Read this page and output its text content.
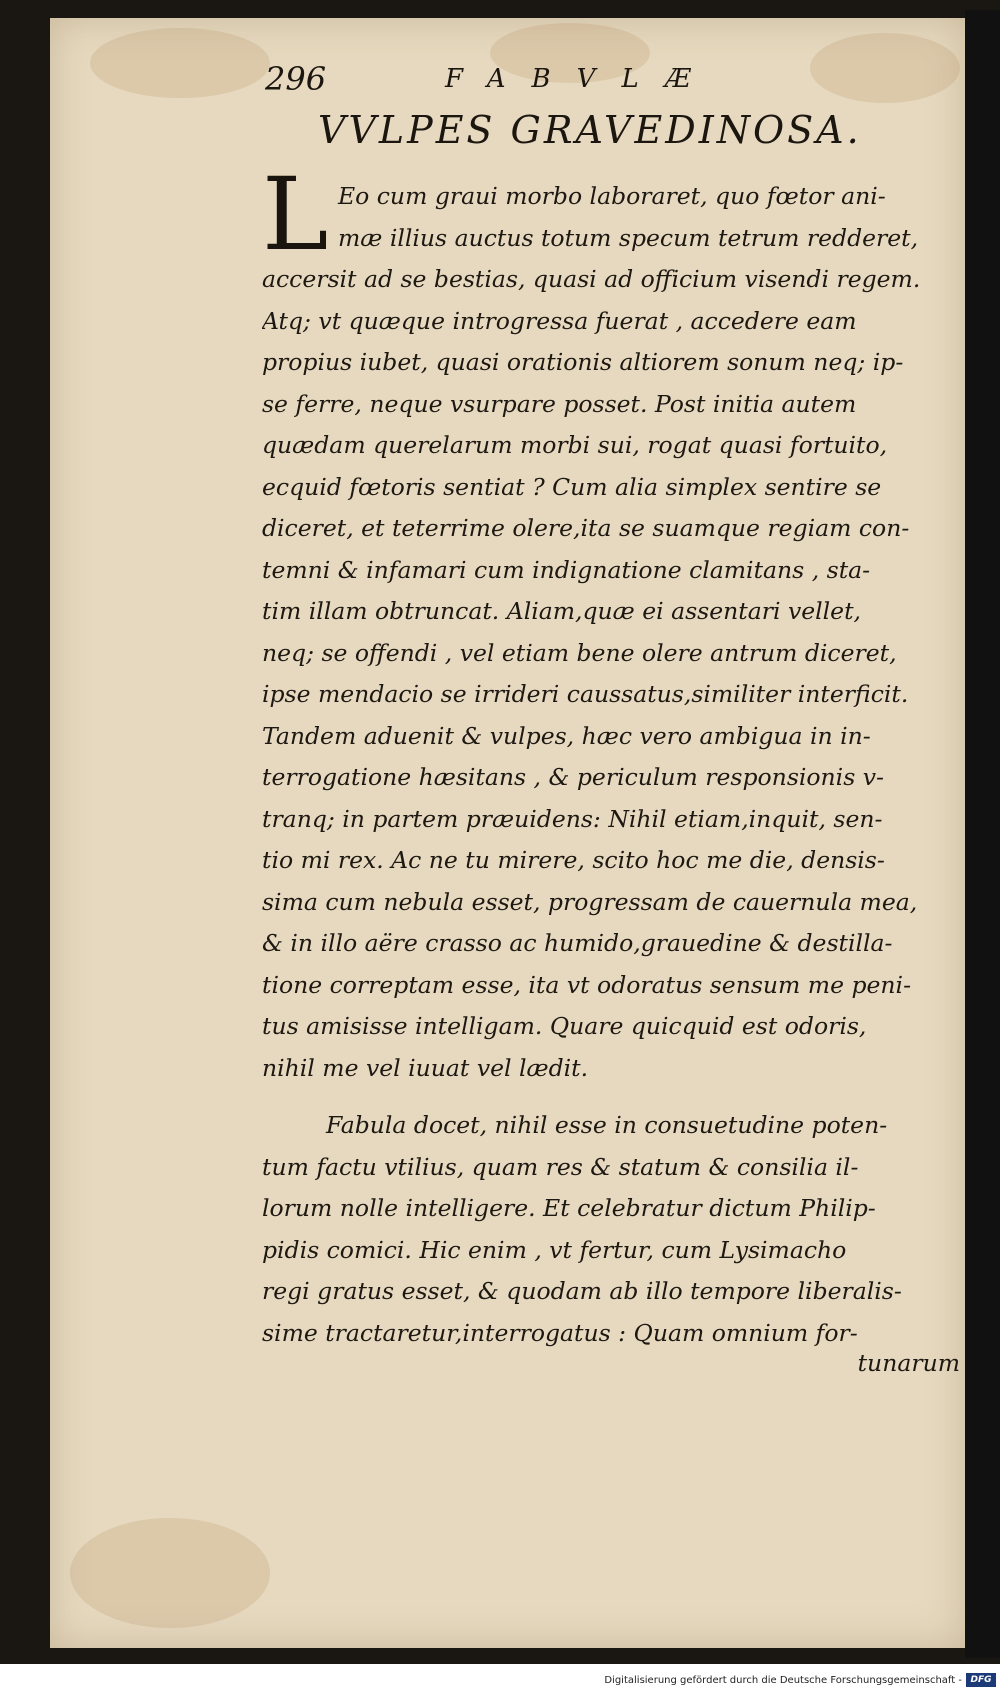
296	FABVLÆ
VVLPES GRAVEDINOSA.
L Eo cum graui morbo laboraret, quo fœtor ani-
mæ illius auctus totum specum tetrum redderet,
accersit ad se bestias, quasi ad officium visendi regem.
Atq; vt quæque introgressa fuerat , accedere eam
propius iubet, quasi orationis altiorem sonum neq; ip-
se ferre, neque vsurpare posset. Post initia autem
quædam querelarum morbi sui, rogat quasi fortuito,
ecquid fœtoris sentiat ? Cum alia simplex sentire se
diceret, et teterrime olere,ita se suamque regiam con-
temni & infamari cum indignatione clamitans , sta-
tim illam obtruncat. Aliam,quæ ei assentari vellet,
neq; se offendi , vel etiam bene olere antrum diceret,
ipse mendacio se irrideri caussatus,similiter interficit.
Tandem aduenit & vulpes, hæc vero ambigua in in-
terrogatione hæsitans , & periculum responsionis v-
tranq; in partem præuidens: Nihil etiam,inquit, sen-
tio mi rex. Ac ne tu mirere, scito hoc me die, densis-
sima cum nebula esset, progressam de cauernula mea,
& in illo aëre crasso ac humido,grauedine & destilla-
tione correptam esse, ita vt odoratus sensum me peni-
tus amisisse intelligam. Quare quicquid est odoris,
nihil me vel iuuat vel lædit.
Fabula docet, nihil esse in consuetudine poten-
tum factu vtilius, quam res & statum & consilia il-
lorum nolle intelligere. Et celebratur dictum Philip-
pidis comici. Hic enim , vt fertur, cum Lysimacho
regi gratus esset, & quodam ab illo tempore liberalis-
sime tractaretur,interrogatus : Quam omnium for-
tunarum
Digitalisierung gefördert durch die Deutsche Forschungsgemeinschaft - DFG
